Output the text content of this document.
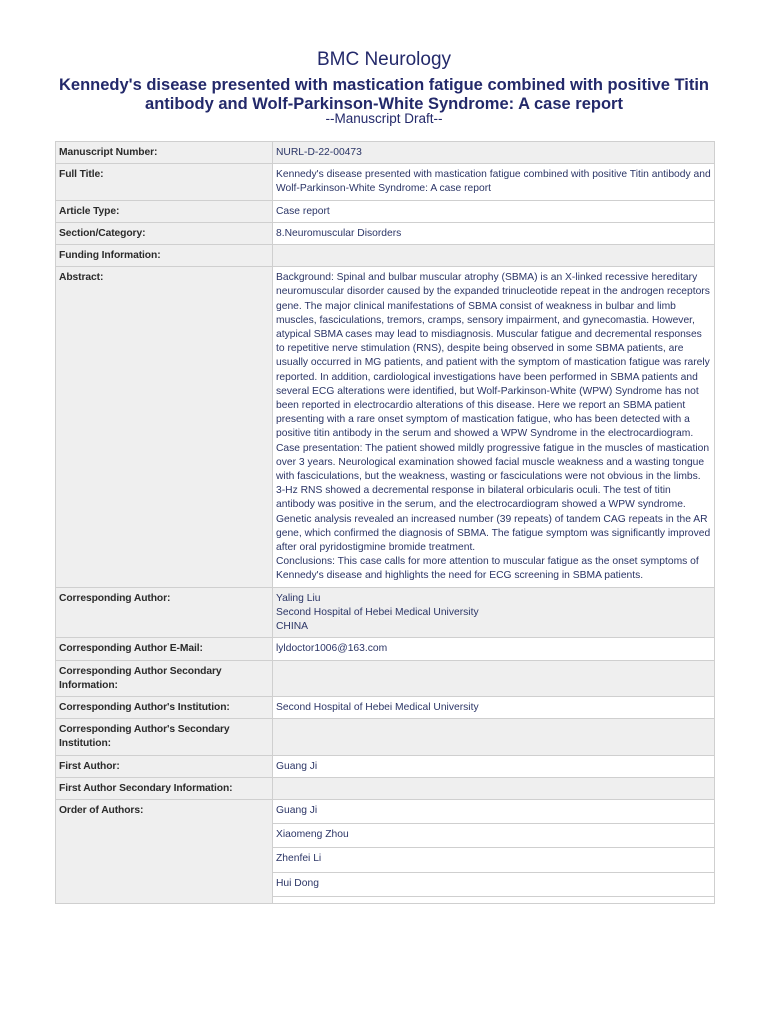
BMC Neurology
Kennedy's disease presented with mastication fatigue combined with positive Titin antibody and Wolf-Parkinson-White Syndrome: A case report
--Manuscript Draft--
Manuscript Number:	NURL-D-22-00473
Full Title:	Kennedy's disease presented with mastication fatigue combined with positive Titin antibody and Wolf-Parkinson-White Syndrome: A case report
Article Type:	Case report
Section/Category:	8.Neuromuscular Disorders
Funding Information:	
Abstract:	Background: Spinal and bulbar muscular atrophy (SBMA) is an X-linked recessive hereditary neuromuscular disorder caused by the expanded trinucleotide repeat in the androgen receptors gene. The major clinical manifestations of SBMA consist of weakness in bulbar and limb muscles, fasciculations, tremors, cramps, sensory impairment, and gynecomastia. However, atypical SBMA cases may lead to misdiagnosis. Muscular fatigue and decremental responses to repetitive nerve stimulation (RNS), despite being observed in some SBMA patients, are usually occurred in MG patients, and patient with the symptom of mastication fatigue was rarely reported. In addition, cardiological investigations have been performed in SBMA patients and several ECG alterations were identified, but Wolf-Parkinson-White (WPW) Syndrome has not been reported in electrocardio alterations of this disease. Here we report an SBMA patient presenting with a rare onset symptom of mastication fatigue, who has been detected with a positive titin antibody in the serum and showed a WPW Syndrome in the electrocardiogram.
Case presentation: The patient showed mildly progressive fatigue in the muscles of mastication over 3 years. Neurological examination showed facial muscle weakness and a wasting tongue with fasciculations, but the weakness, wasting or fasciculations were not obvious in the limbs. 3-Hz RNS showed a decremental response in bilateral orbicularis oculi. The test of titin antibody was positive in the serum, and the electrocardiogram showed a WPW syndrome. Genetic analysis revealed an increased number (39 repeats) of tandem CAG repeats in the AR gene, which confirmed the diagnosis of SBMA. The fatigue symptom was significantly improved after oral pyridostigmine bromide treatment.
Conclusions: This case calls for more attention to muscular fatigue as the onset symptoms of Kennedy's disease and highlights the need for ECG screening in SBMA patients.

Corresponding Author:	Yaling Liu
Second Hospital of Hebei Medical University
CHINA

Corresponding Author E-Mail:	lyldoctor1006@163.com
Corresponding Author Secondary Information:	
Corresponding Author's Institution:	Second Hospital of Hebei Medical University
Corresponding Author's Secondary Institution:	
First Author:	Guang Ji
First Author Secondary Information:	
Order of Authors:	Guang Ji
Xiaomeng Zhou
Zhenfei Li
Hui Dong
